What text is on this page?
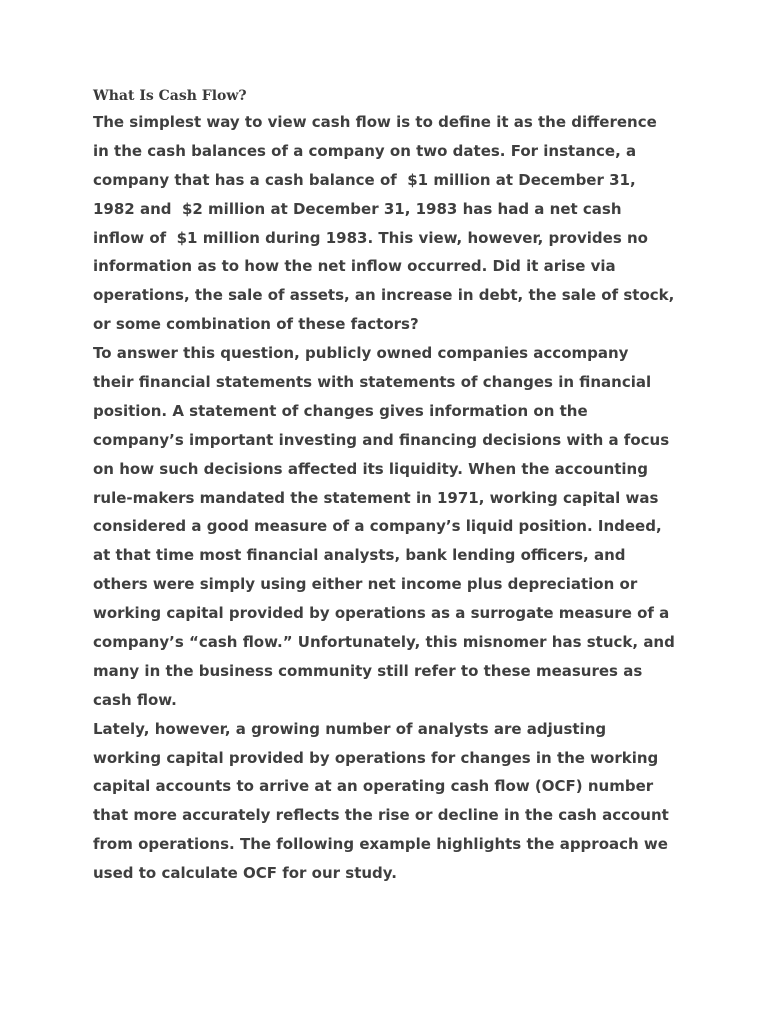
What Is Cash Flow?
The simplest way to view cash flow is to define it as the difference
in the cash balances of a company on two dates. For instance, a
company that has a cash balance of  $1 million at December 31,
1982 and  $2 million at December 31, 1983 has had a net cash
inflow of  $1 million during 1983. This view, however, provides no
information as to how the net inflow occurred. Did it arise via
operations, the sale of assets, an increase in debt, the sale of stock,
or some combination of these factors?
To answer this question, publicly owned companies accompany
their financial statements with statements of changes in financial
position. A statement of changes gives information on the
company’s important investing and financing decisions with a focus
on how such decisions affected its liquidity. When the accounting
rule-makers mandated the statement in 1971, working capital was
considered a good measure of a company’s liquid position. Indeed,
at that time most financial analysts, bank lending officers, and
others were simply using either net income plus depreciation or
working capital provided by operations as a surrogate measure of a
company’s “cash flow.” Unfortunately, this misnomer has stuck, and
many in the business community still refer to these measures as
cash flow.
Lately, however, a growing number of analysts are adjusting
working capital provided by operations for changes in the working
capital accounts to arrive at an operating cash flow (OCF) number
that more accurately reflects the rise or decline in the cash account
from operations. The following example highlights the approach we
used to calculate OCF for our study.
